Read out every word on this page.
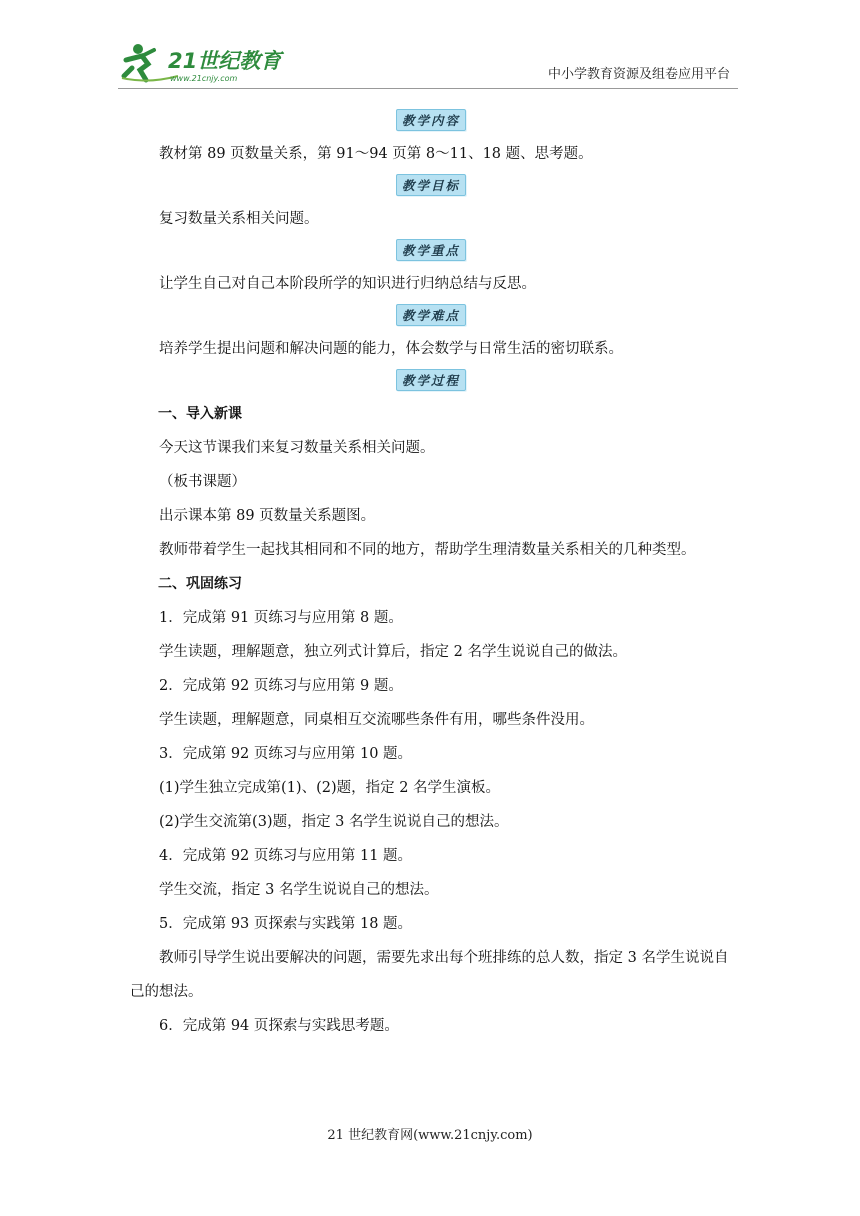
21世纪教育
www.21cnjy.com	中小学教育资源及组卷应用平台
教学内容

教材第 89 页数量关系，第 91～94 页第 8～11、18 题、思考题。

教学目标

复习数量关系相关问题。

教学重点

让学生自己对自己本阶段所学的知识进行归纳总结与反思。

教学难点

培养学生提出问题和解决问题的能力，体会数学与日常生活的密切联系。

教学过程

一、导入新课

今天这节课我们来复习数量关系相关问题。

（板书课题）

出示课本第 89 页数量关系题图。

教师带着学生一起找其相同和不同的地方，帮助学生理清数量关系相关的几种类型。

二、巩固练习

1．完成第 91 页练习与应用第 8 题。

学生读题，理解题意，独立列式计算后，指定 2 名学生说说自己的做法。

2．完成第 92 页练习与应用第 9 题。

学生读题，理解题意，同桌相互交流哪些条件有用，哪些条件没用。

3．完成第 92 页练习与应用第 10 题。

(1)学生独立完成第(1)、(2)题，指定 2 名学生演板。

(2)学生交流第(3)题，指定 3 名学生说说自己的想法。

4．完成第 92 页练习与应用第 11 题。

学生交流，指定 3 名学生说说自己的想法。

5．完成第 93 页探索与实践第 18 题。

教师引导学生说出要解决的问题，需要先求出每个班排练的总人数，指定 3 名学生说说自己的想法。

6．完成第 94 页探索与实践思考题。

21 世纪教育网(www.21cnjy.com)
